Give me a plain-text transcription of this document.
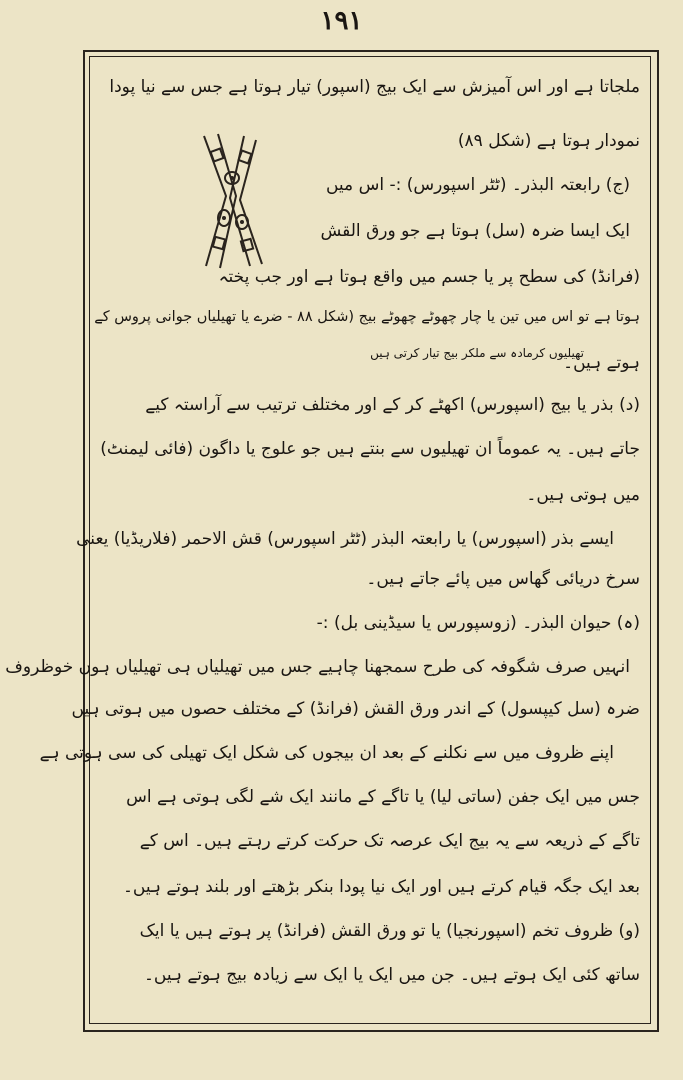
۱۹۱
ملجاتا ہے اور اس آمیزش سے ایک بیج (اسپور) تیار ہوتا ہے جس سے نیا پودا
نمودار ہوتا ہے (شکل ۸۹)
(ج) رابعتہ البذر۔ (ٹٹر اسپورس) :- اس میں
ایک ایسا ضرہ (سل) ہوتا ہے جو ورق القش
(فرانڈ) کی سطح پر یا جسم میں واقع ہوتا ہے اور جب پختہ
ہوتا ہے تو اس میں تین یا چار چھوٹے چھوٹے بیج (شکل ۸۸ - ضرے یا تھیلیاں جوانی پروس کے
تھیلیوں کرمادہ سے ملکر بیج تیار کرتی ہیں
ہوتے ہیں۔
(د) بذر یا بیج (اسپورس) اکھٹے کر کے اور مختلف ترتیب سے آراستہ کیے
جاتے ہیں۔ یہ عموماً ان تھیلیوں سے بنتے ہیں جو علوج یا داگون (فائی لیمنٹ)
میں ہوتی ہیں۔
ایسے بذر (اسپورس) یا رابعتہ البذر (ٹٹر اسپورس) قش الاحمر (فلاریڈیا) یعنی
سرخ دریائی گھاس میں پائے جاتے ہیں۔
(ہ) حیوان البذر۔ (زوسپورس یا سیڈینی بل) :-
انہیں صرف شگوفہ کی طرح سمجھنا چاہیے جس میں تھیلیاں ہی تھیلیاں ہوں خوظروف
ضرہ (سل کیپسول) کے اندر ورق القش (فرانڈ) کے مختلف حصوں میں ہوتی ہیں
اپنے ظروف میں سے نکلنے کے بعد ان بیجوں کی شکل ایک تھیلی کی سی ہوتی ہے
جس میں ایک جفن (ساتی لیا) یا تاگے کے مانند ایک شے لگی ہوتی ہے اس
تاگے کے ذریعہ سے یہ بیج ایک عرصہ تک حرکت کرتے رہتے ہیں۔ اس کے
بعد ایک جگہ قیام کرتے ہیں اور ایک نیا پودا بنکر بڑھتے اور بلند ہوتے ہیں۔
(و) ظروف تخم (اسپورنجیا) یا تو ورق القش (فرانڈ) پر ہوتے ہیں یا ایک
ساتھ کئی ایک ہوتے ہیں۔ جن میں ایک یا ایک سے زیادہ بیج ہوتے ہیں۔
